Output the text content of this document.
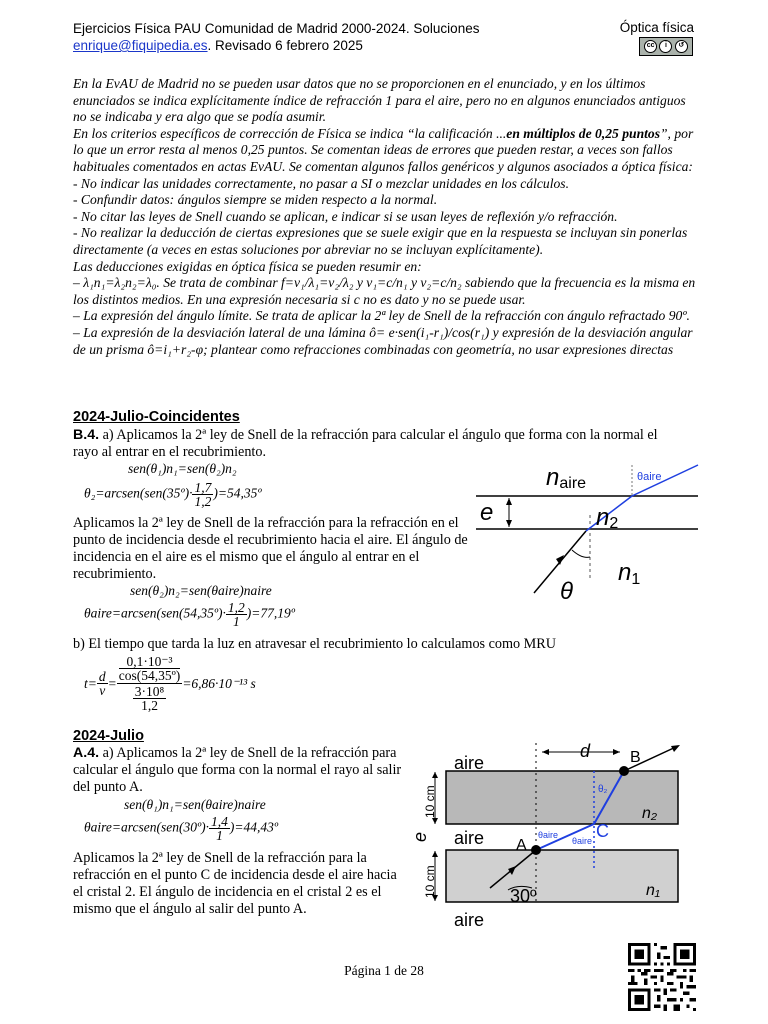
Ejercicios Física PAU Comunidad de Madrid 2000-2024. Soluciones
enrique@fiquipedia.es. Revisado 6 febrero 2025
Óptica física
cc	i	↺

En la EvAU de Madrid no se pueden usar datos que no se proporcionen en el enunciado, y en los últimos enunciados se indica explícitamente índice de refracción 1 para el aire, pero no en algunos enunciados antiguos no se indicaba y era algo que se podía asumir.

En los criterios específicos de corrección de Física se indica “la calificación ...en múltiplos de 0,25 puntos”, por lo que un error resta al menos 0,25 puntos. Se comentan ideas de errores que pueden restar, a veces son fallos habituales comentados en actas EvAU. Se comentan algunos fallos genéricos y algunos asociados a óptica física:

- No indicar las unidades correctamente, no pasar a SI o mezclar unidades en los cálculos.

- Confundir datos: ángulos siempre se miden respecto a la normal.

- No citar las leyes de Snell cuando se aplican, e indicar si se usan leyes de reflexión y/o refracción.

- No realizar la deducción de ciertas expresiones que se suele exigir que en la respuesta se incluyan sin ponerlas directamente (a veces en estas soluciones por abreviar no se incluyan explícitamente).

Las deducciones exigidas en óptica física se pueden resumir en:

– λ₁n₁=λ₂n₂=λ₀. Se trata de combinar f=v₁/λ₁=v₂/λ₂ y v₁=c/n₁ y v₂=c/n₂ sabiendo que la frecuencia es la misma en los distintos medios. En una expresión necesaria si c no es dato y no se puede usar.

– La expresión del ángulo límite. Se trata de aplicar la 2ª ley de Snell de la refracción con ángulo refractado 90º.

– La expresión de la desviación lateral de una lámina ô= e·sen(i₁-r₁)/cos(r₁) y expresión de la desviación angular de un prisma ô=i₁+r₂-φ; plantear como refracciones combinadas con geometría, no usar expresiones directas

2024-Julio-Coincidentes
B.4. a) Aplicamos la 2ª ley de Snell de la refracción para calcular el ángulo que forma con la normal el rayo al entrar en el recubrimiento.
sen(θ₁)n₁=sen(θ₂)n₂
θ₂=arcsen(sen(35º)· $\frac{1,7}{1,2}$ )=54,35º
Aplicamos la 2ª ley de Snell de la refracción para la refracción en el punto de incidencia desde el recubrimiento hacia el aire. El ángulo de incidencia en el aire es el mismo que el ángulo al entrar en el recubrimiento.
sen(θ₂)n₂=sen(θaire)naire
θaire=arcsen(sen(54,35º)· $\frac{1,2}{1}$ )=77,19º
b) El tiempo que tarda la luz en atravesar el recubrimiento lo calculamos como MRU
$t= \frac{d}{v} = \frac{\frac{\text{0,1·10⁻³}}{\text{cos(54,35º)}}}{\frac{\text{3·10⁸}}{1,2}} =6,86\cdot 10^{-13}$ s
naire	θaire
e	n2
n1
θ
2024-Julio
A.4. a) Aplicamos la 2ª ley de Snell de la refracción para calcular el ángulo que forma con la normal el rayo al salir del punto A.
sen(θ₁)n₁=sen(θaire)naire
θaire=arcsen(sen(30º)· $\frac{1,4}{1}$ )=44,43º
Aplicamos la 2ª ley de Snell de la refracción para la refracción en el punto C de incidencia desde el aire hacia el cristal 2. El ángulo de incidencia en el cristal 2 es el mismo que el ángulo al salir del punto A.
d B
aire
10 cm	θ₂
n₂
e aire	θaire
θaire C
A
10 cm	30º	n₁
aire
Página 1 de 28
